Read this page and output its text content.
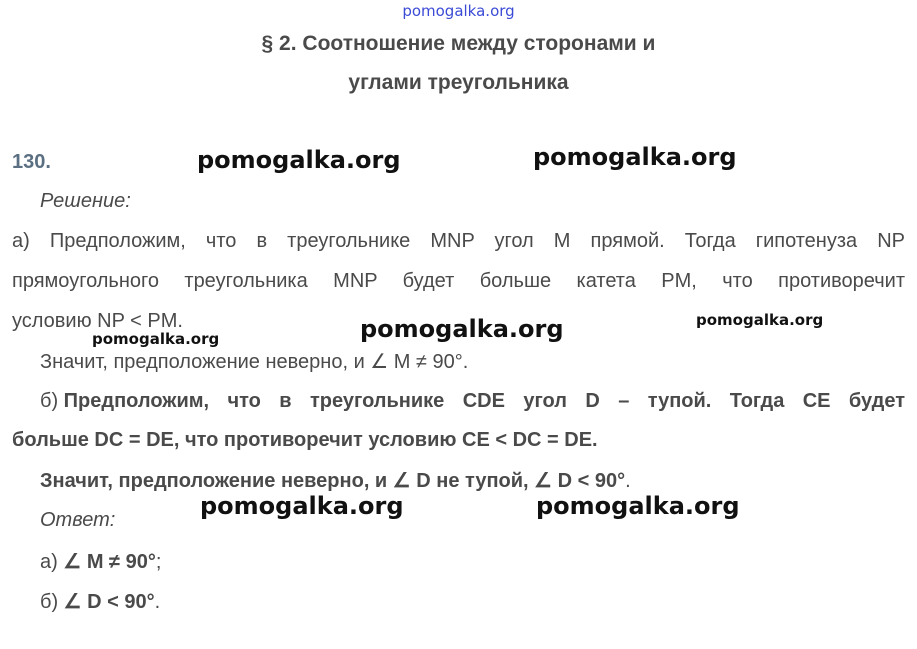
pomogalka.org
§ 2. Соотношение между сторонами и
углами треугольника
130.	pomogalka.org	pomogalka.org
Решение:
а) Предположим, что в треугольнике MNP угол M прямой. Тогда гипотенуза NP
прямоугольного треугольника MNP будет больше катета PM, что противоречит
условию NP < PM.
pomogalka.org	pomogalka.org	pomogalka.org
Значит, предположение неверно, и ∠ M ≠ 90°.
б) Предположим, что в треугольнике CDE угол D – тупой. Тогда CE будет
больше DC = DE, что противоречит условию CE < DC = DE.
Значит, предположение неверно, и ∠ D не тупой, ∠ D < 90°.
pomogalka.org	pomogalka.org
Ответ:
а) ∠ M ≠ 90°;
б) ∠ D < 90°.
